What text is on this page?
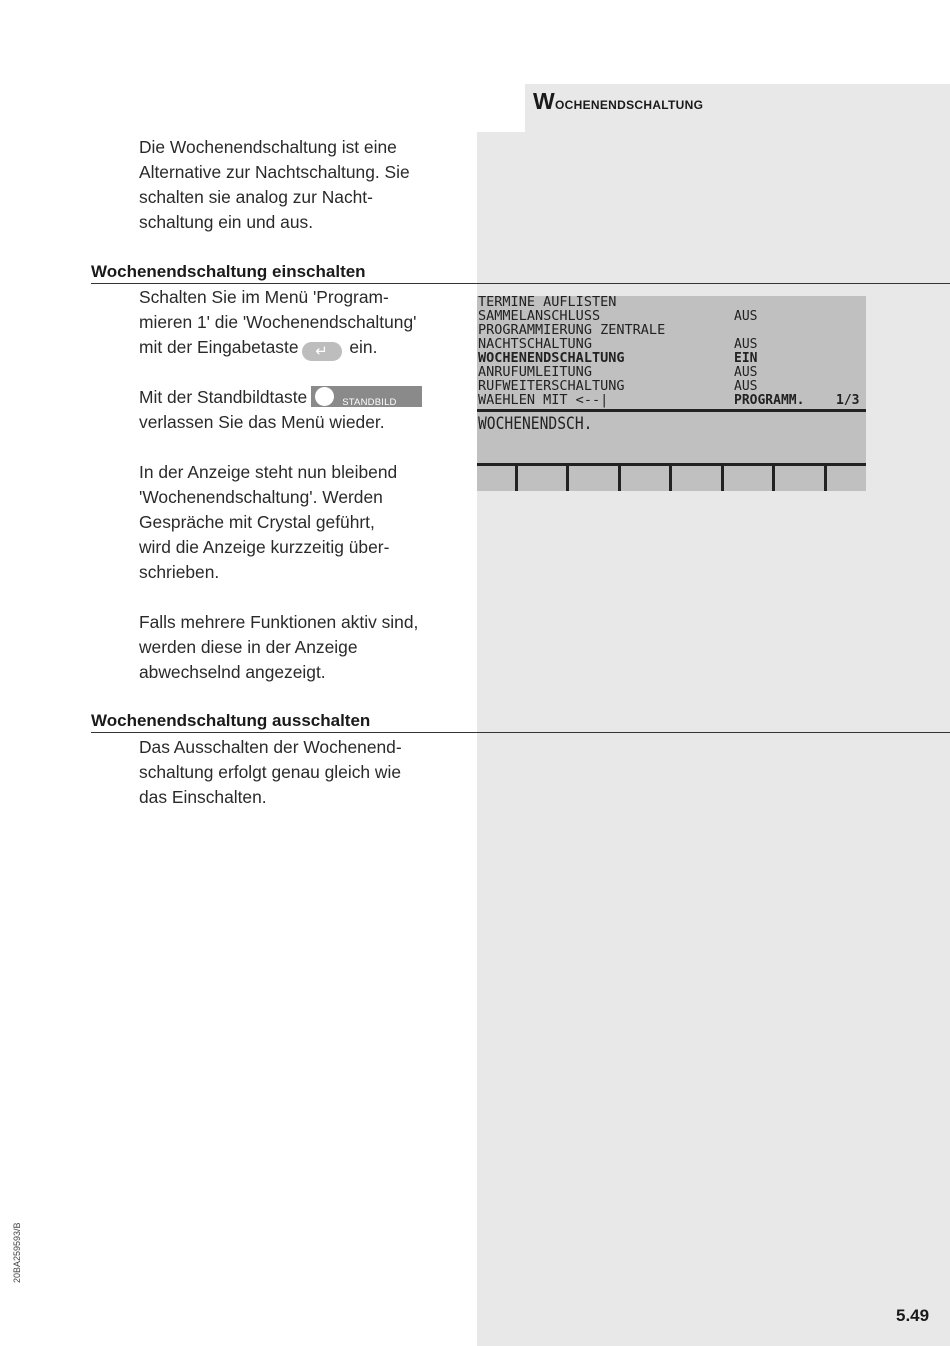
Wochenendschaltung
Die Wochenendschaltung ist eine
Alternative zur Nachtschaltung. Sie
schalten sie analog zur Nacht-
schaltung ein und aus.
Wochenendschaltung einschalten
Schalten Sie im Menü 'Program-
mieren 1' die 'Wochenendschaltung'
mit der Eingabetaste ↵ ein.
Mit der Standbildtaste	STANDBILD
verlassen Sie das Menü wieder.
In der Anzeige steht nun bleibend
'Wochenendschaltung'. Werden
Gespräche mit Crystal geführt,
wird die Anzeige kurzzeitig über-
schrieben.
Falls mehrere Funktionen aktiv sind,
werden diese in der Anzeige
abwechselnd angezeigt.
Wochenendschaltung ausschalten
Das Ausschalten der Wochenend-
schaltung erfolgt genau gleich wie
das Einschalten.
TERMINE AUFLISTEN
SAMMELANSCHLUSS	AUS
PROGRAMMIERUNG ZENTRALE
NACHTSCHALTUNG	AUS
WOCHENENDSCHALTUNG	EIN
ANRUFUMLEITUNG	AUS
RUFWEITERSCHALTUNG	AUS
WAEHLEN MIT <--|	PROGRAMM. 1/3
WOCHENENDSCH.
20BA259593/B
5.49
